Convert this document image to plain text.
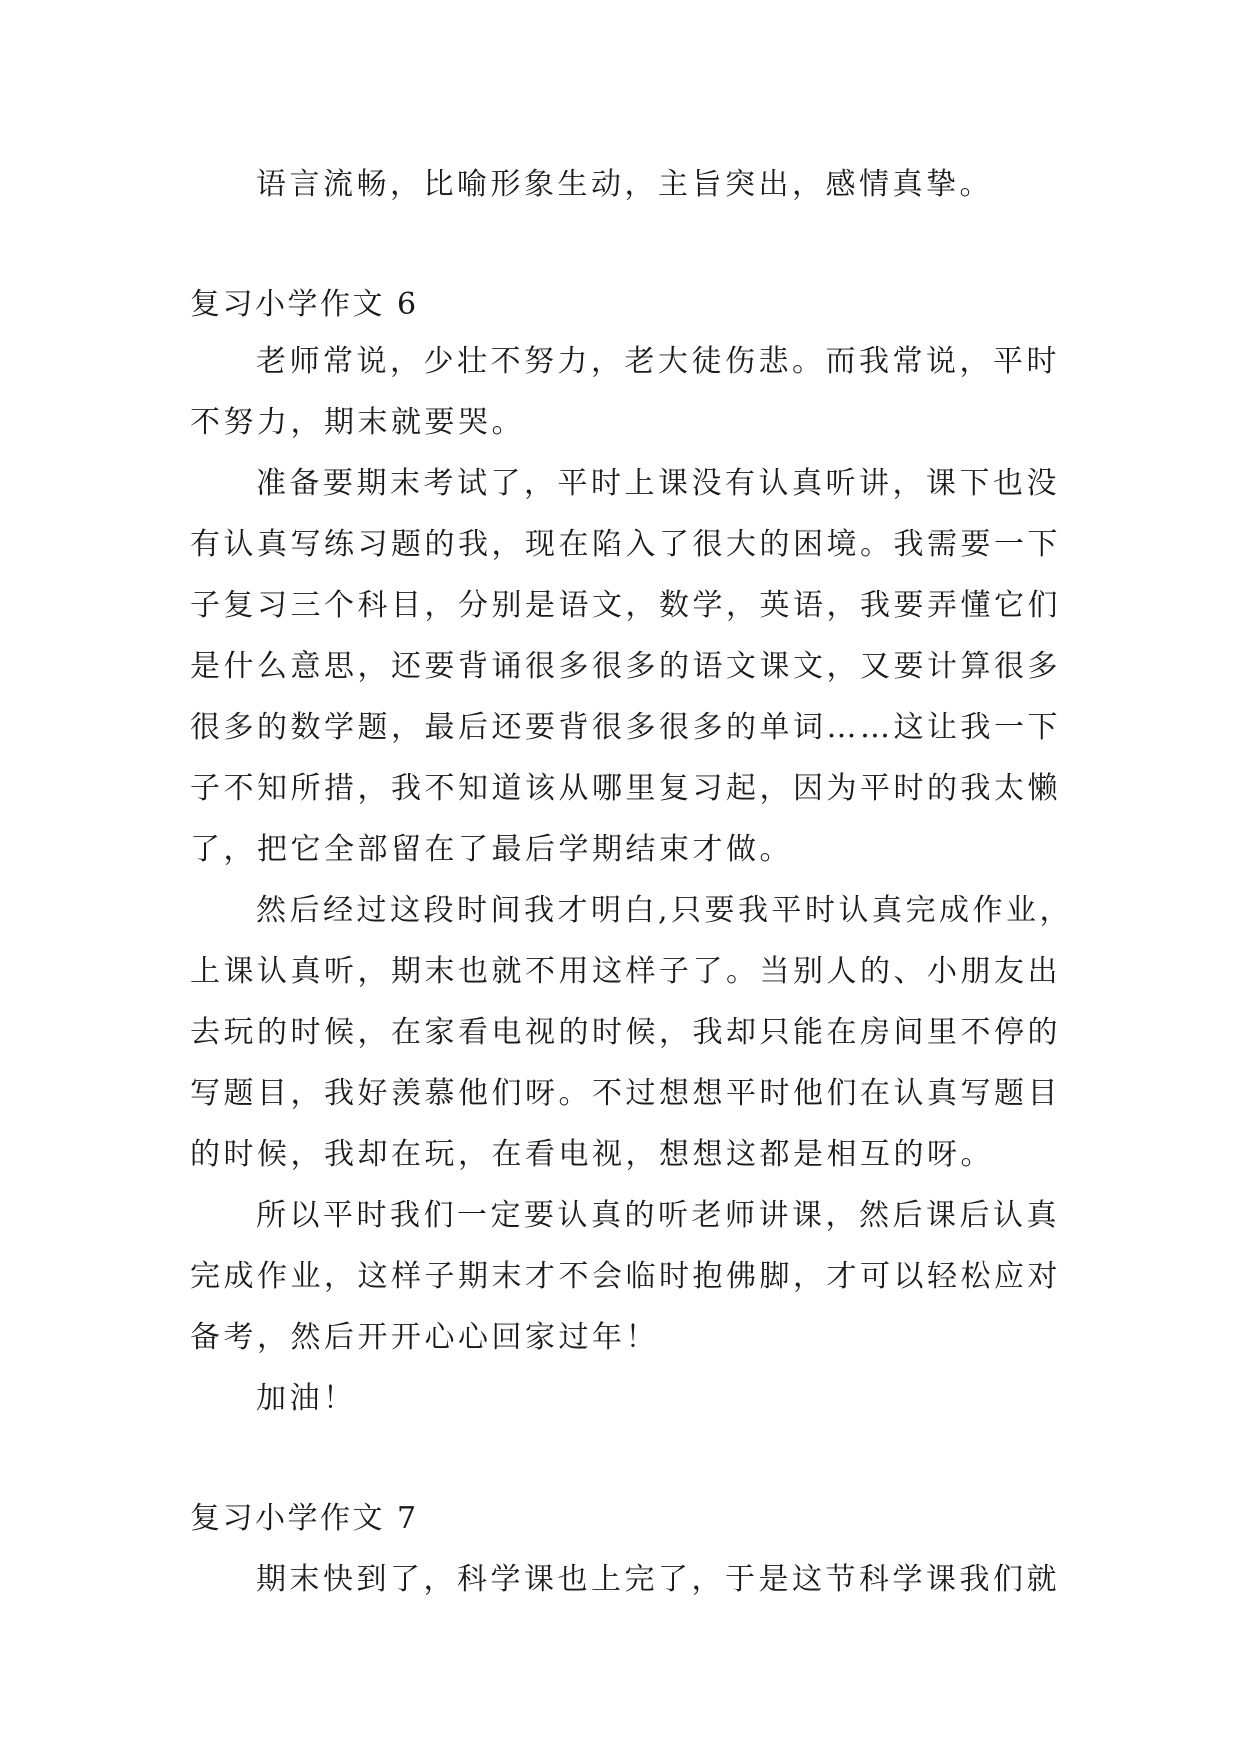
语言流畅，比喻形象生动，主旨突出，感情真挚。
复习小学作文 6
老师常说，少壮不努力，老大徒伤悲。而我常说，平时
不努力，期末就要哭。
准备要期末考试了，平时上课没有认真听讲，课下也没
有认真写练习题的我，现在陷入了很大的困境。我需要一下
子复习三个科目，分别是语文，数学，英语，我要弄懂它们
是什么意思，还要背诵很多很多的语文课文，又要计算很多
很多的数学题，最后还要背很多很多的单词……这让我一下
子不知所措，我不知道该从哪里复习起，因为平时的我太懒
了，把它全部留在了最后学期结束才做。
然后经过这段时间我才明白,只要我平时认真完成作业，
上课认真听，期末也就不用这样子了。当别人的、小朋友出
去玩的时候，在家看电视的时候，我却只能在房间里不停的
写题目，我好羡慕他们呀。不过想想平时他们在认真写题目
的时候，我却在玩，在看电视，想想这都是相互的呀。
所以平时我们一定要认真的听老师讲课，然后课后认真
完成作业，这样子期末才不会临时抱佛脚，才可以轻松应对
备考，然后开开心心回家过年！
加油！
复习小学作文 7
期末快到了，科学课也上完了，于是这节科学课我们就
